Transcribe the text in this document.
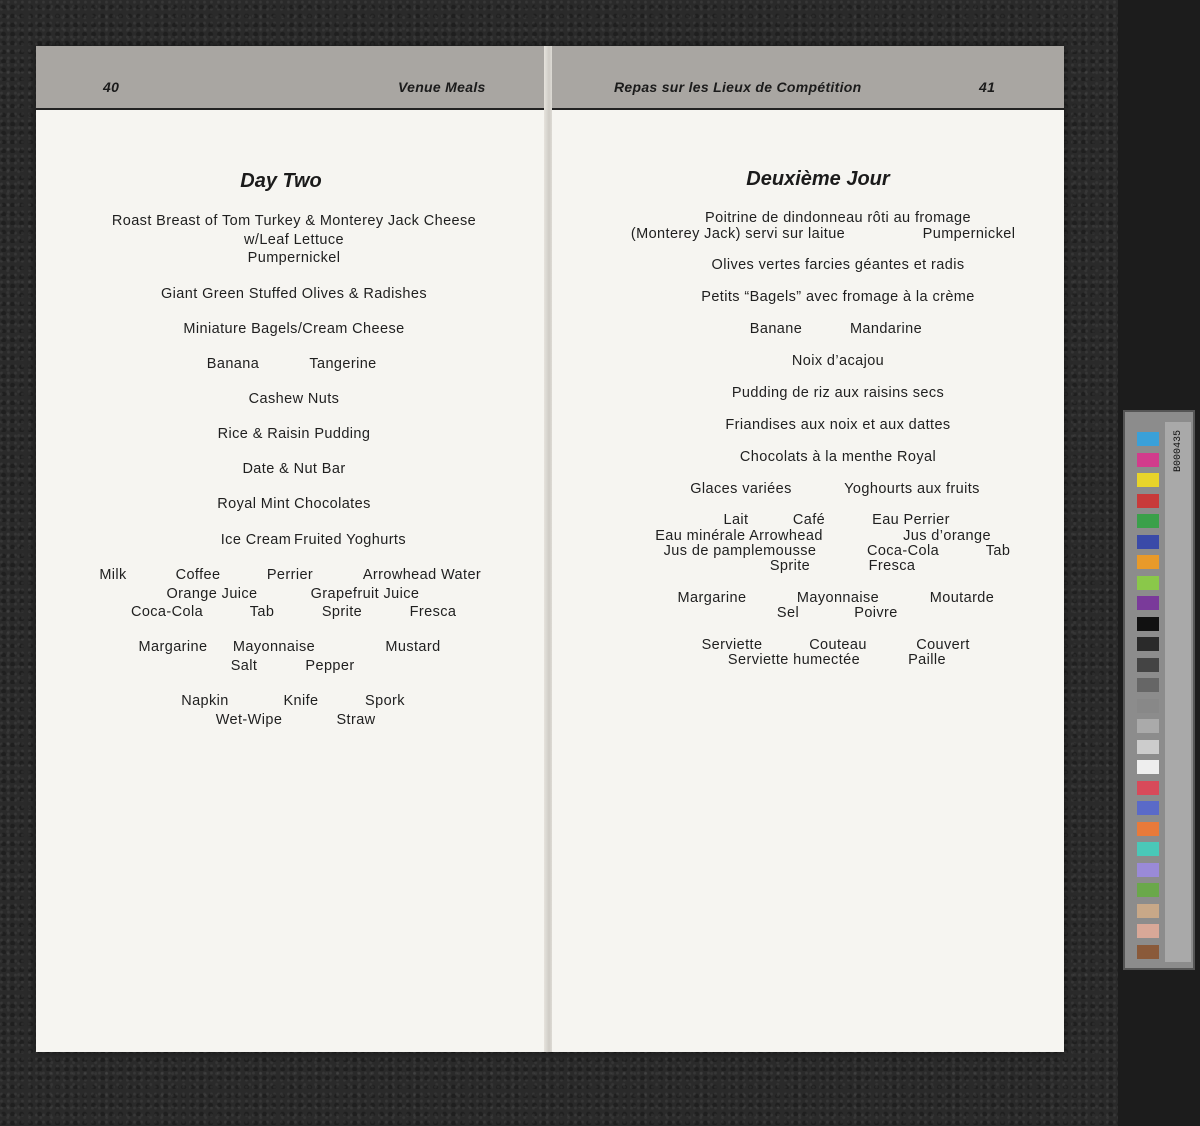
40	Venue Meals
Day Two
Roast Breast of Tom Turkey & Monterey Jack Cheese
w/Leaf Lettuce
Pumpernickel
Giant Green Stuffed Olives & Radishes
Miniature Bagels/Cream Cheese
Banana	Tangerine
Cashew Nuts
Rice & Raisin Pudding
Date & Nut Bar
Royal Mint Chocolates
Ice Cream Fruited Yoghurts
Milk	Coffee	Perrier	Arrowhead Water
Orange Juice	Grapefruit Juice
Coca-Cola	Tab	Sprite	Fresca
Margarine Mayonnaise	Mustard
Salt	Pepper
Napkin	Knife	Spork
Wet-Wipe	Straw
Repas sur les Lieux de Compétition	41
Deuxième Jour
Poitrine de dindonneau rôti au fromage
(Monterey Jack) servi sur laitue	Pumpernickel
Olives vertes farcies géantes et radis
Petits “Bagels” avec fromage à la crème
Banane	Mandarine
Noix d’acajou
Pudding de riz aux raisins secs
Friandises aux noix et aux dattes
Chocolats à la menthe Royal
Glaces variées	Yoghourts aux fruits
Lait	Café	Eau Perrier
Eau minérale Arrowhead	Jus d’orange
Jus de pamplemousse	Coca-Cola	Tab
Sprite	Fresca
Margarine	Mayonnaise	Moutarde
Sel	Poivre
Serviette	Couteau	Couvert
Serviette humectée	Paille
B000435
